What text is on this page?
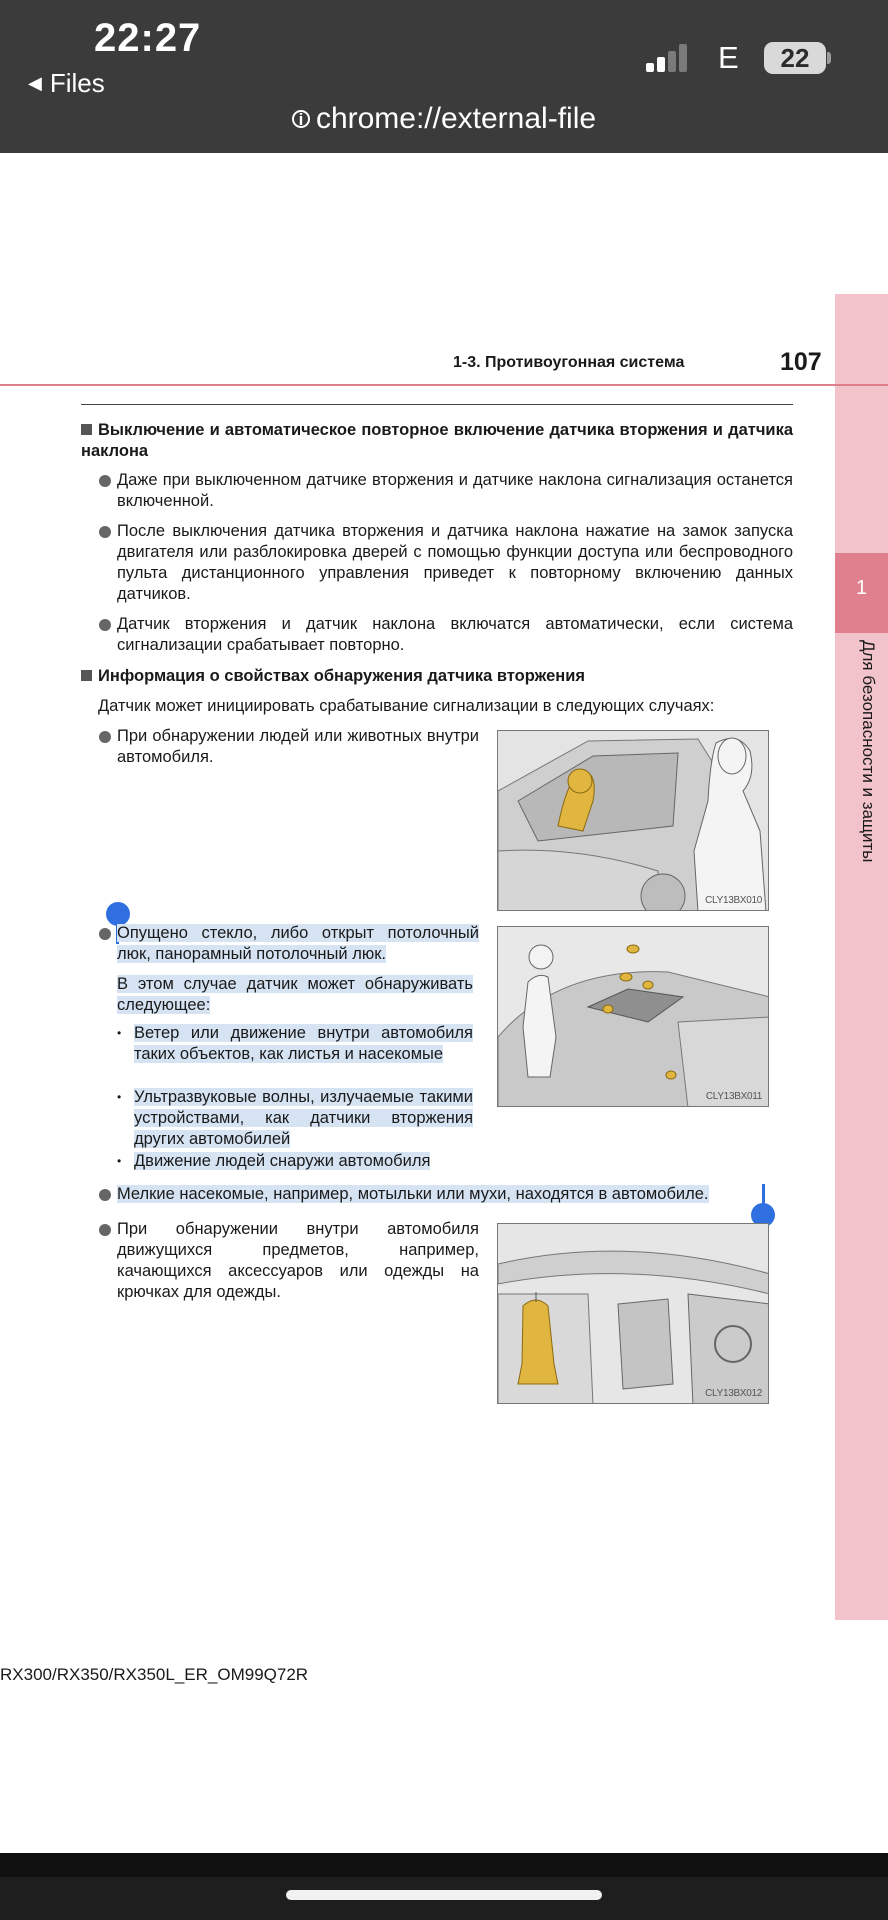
22:27
◀ Files
E	22
i chrome://external-file
1
Для безопасности и защиты
1-3. Противоугонная система	107
Выключение и автоматическое повторное включение датчика вторжения и датчика наклона
Даже при выключенном датчике вторжения и датчике наклона сигнализация останется включенной.
После выключения датчика вторжения и датчика наклона нажатие на замок запуска двигателя или разблокировка дверей с помощью функции доступа или беспроводного пульта дистанционного управления приведет к повторному включению данных датчиков.
Датчик вторжения и датчик наклона включатся автоматически, если система сигнализации срабатывает повторно.
Информация о свойствах обнаружения датчика вторжения
Датчик может инициировать срабатывание сигнализации в следующих случаях:
При обнаружении людей или животных внутри автомобиля.
CLY13BX010
Опущено стекло, либо открыт потолочный люк, панорамный потолочный люк.
В этом случае датчик может обнаруживать следующее:
• Ветер или движение внутри автомобиля таких объектов, как листья и насекомые
• Ультразвуковые волны, излучаемые такими устройствами, как датчики вторжения других автомобилей
• Движение людей снаружи автомобиля
CLY13BX011
Мелкие насекомые, например, мотыльки или мухи, находятся в автомобиле.
При обнаружении внутри автомобиля движущихся предметов, например, качающихся аксессуаров или одежды на крючках для одежды.
CLY13BX012
RX300/RX350/RX350L_ER_OM99Q72R
